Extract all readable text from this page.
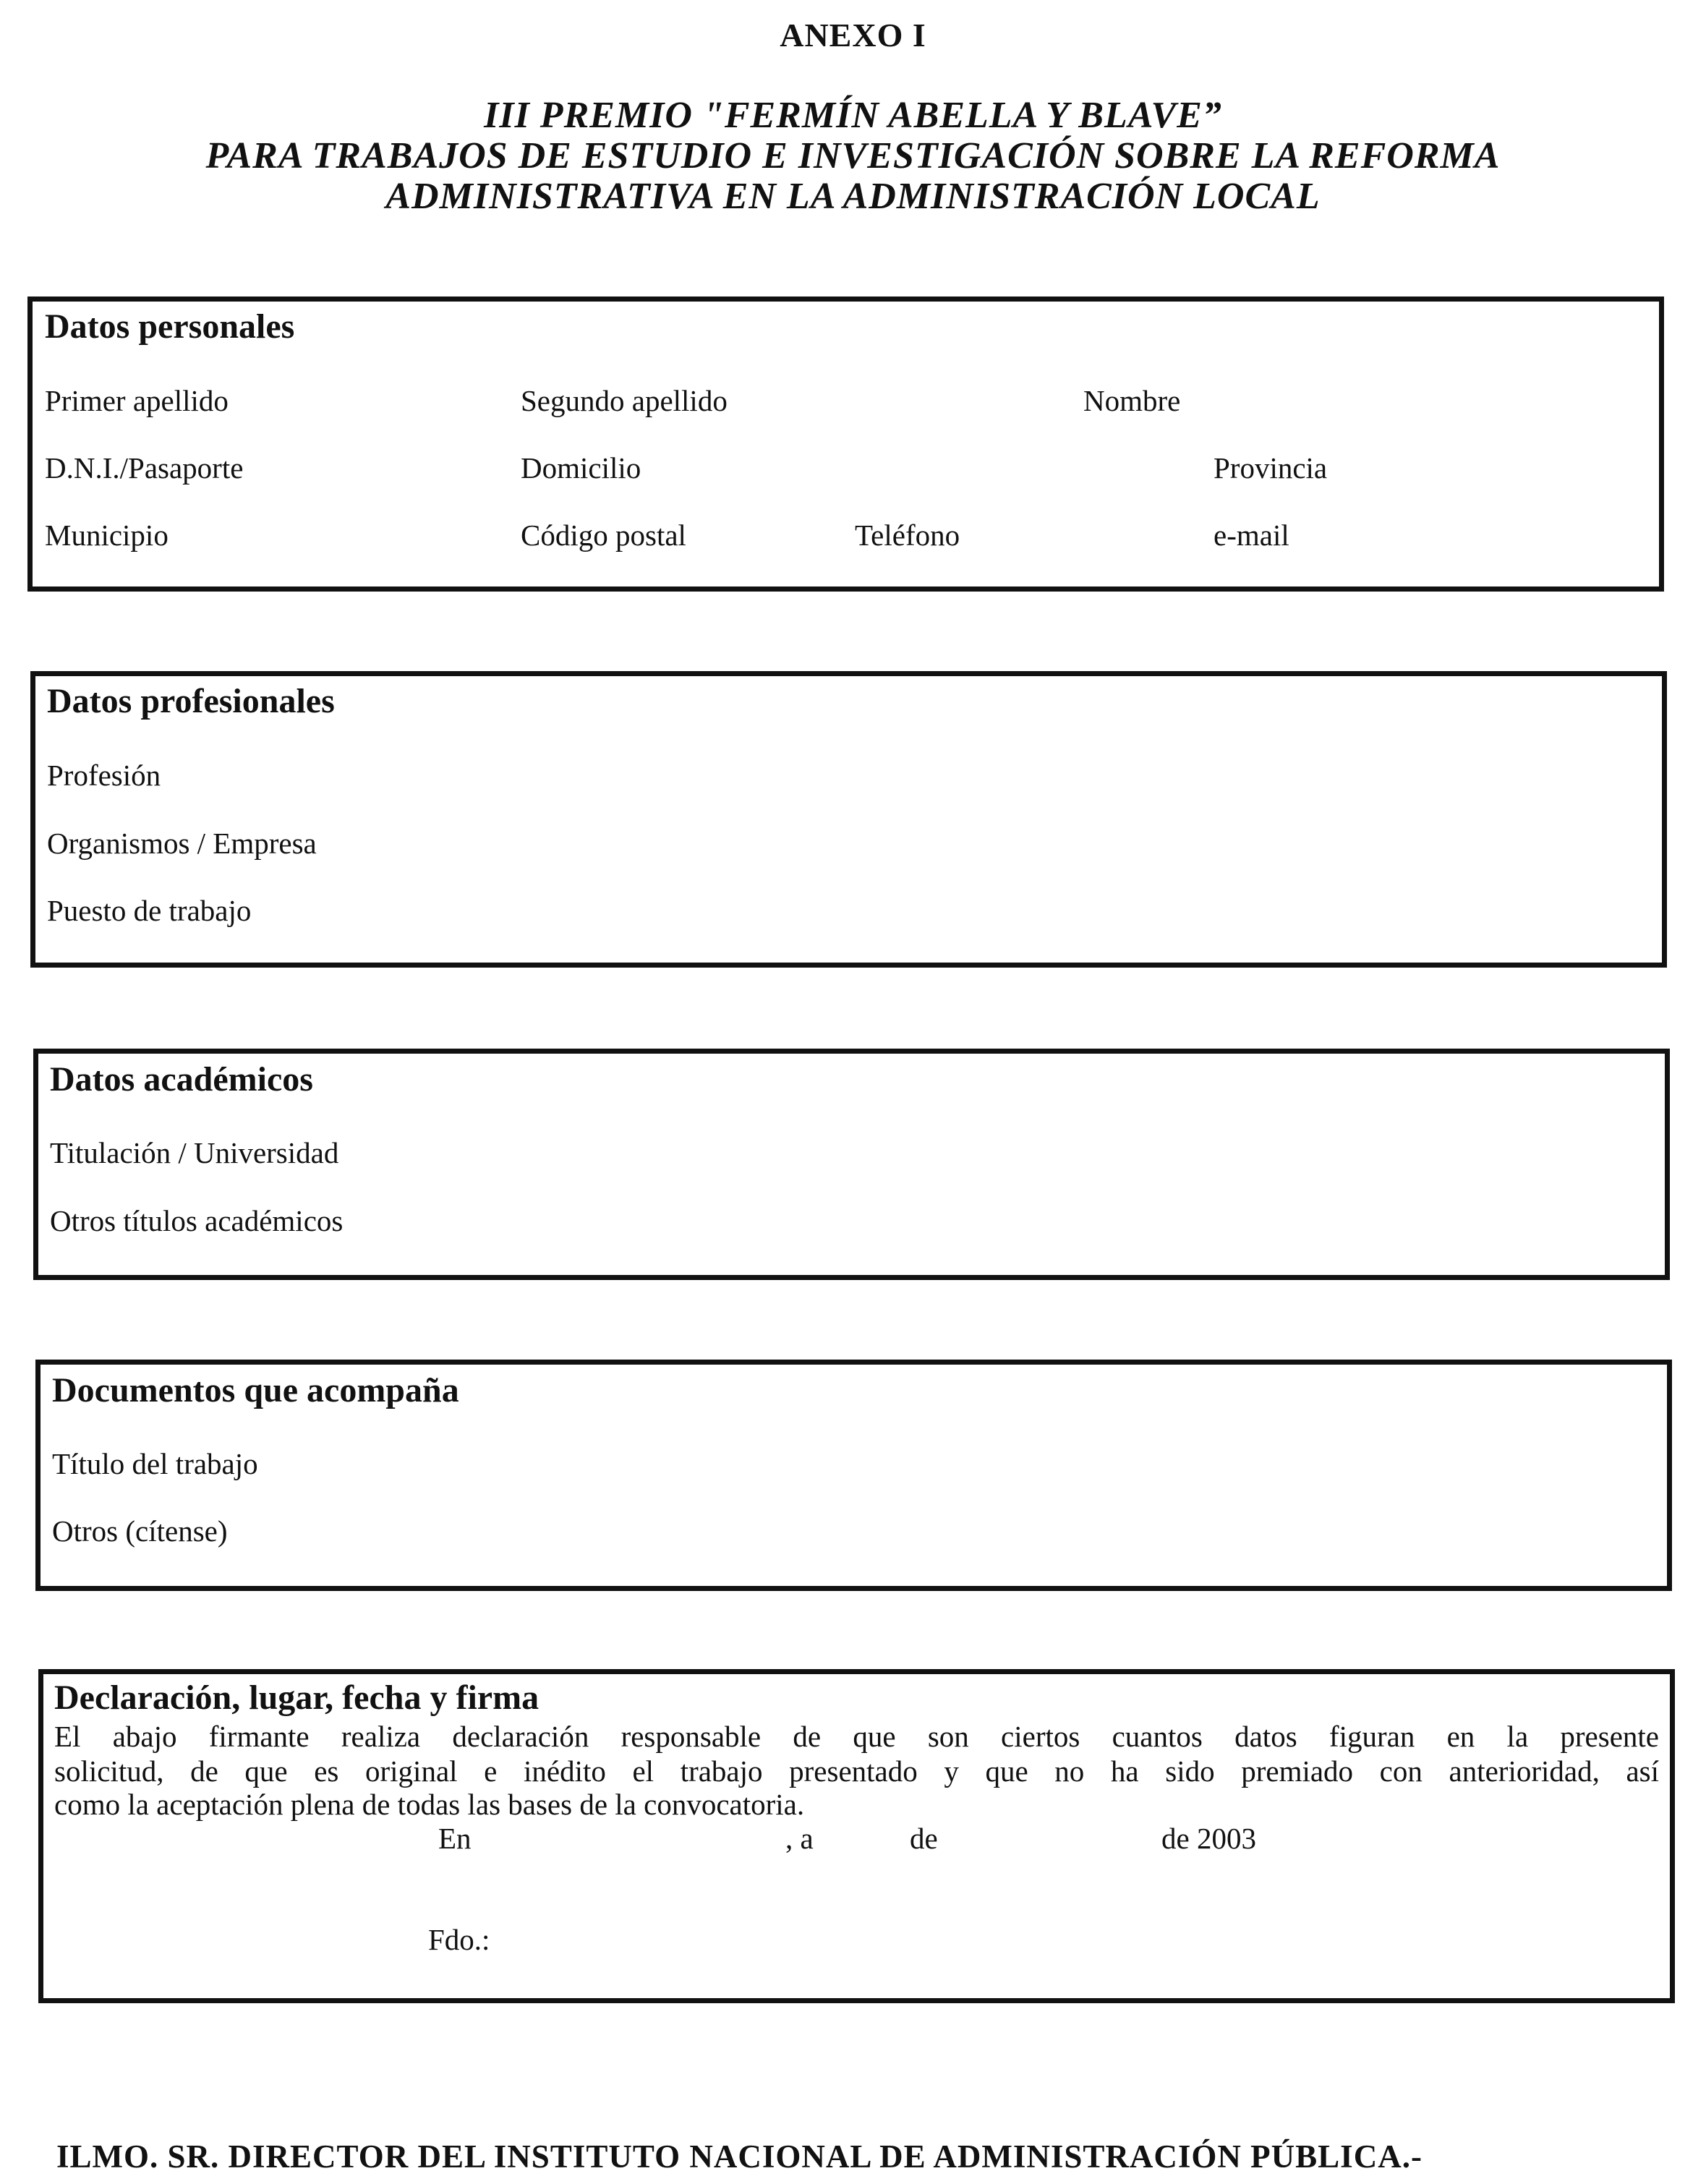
ANEXO I
III PREMIO "FERMÍN ABELLA Y BLAVE”
PARA TRABAJOS DE ESTUDIO E INVESTIGACIÓN SOBRE LA REFORMA
ADMINISTRATIVA EN LA ADMINISTRACIÓN LOCAL
Datos personales
Primer apellido	Segundo apellido	Nombre
D.N.I./Pasaporte	Domicilio	Provincia
Municipio	Código postal	Teléfono	e-mail
Datos profesionales
Profesión
Organismos / Empresa
Puesto de trabajo
Datos académicos
Titulación / Universidad
Otros títulos académicos
Documentos que acompaña
Título del trabajo
Otros (cítense)
Declaración, lugar, fecha y firma
El abajo firmante realiza declaración responsable de que son ciertos cuantos datos figuran en la presente
solicitud, de que es original e inédito el trabajo presentado y que no ha sido premiado con anterioridad, así
como la aceptación plena de todas las bases de la convocatoria.
En	, a	de	de 2003
Fdo.:
ILMO. SR. DIRECTOR DEL INSTITUTO NACIONAL DE ADMINISTRACIÓN PÚBLICA.-
